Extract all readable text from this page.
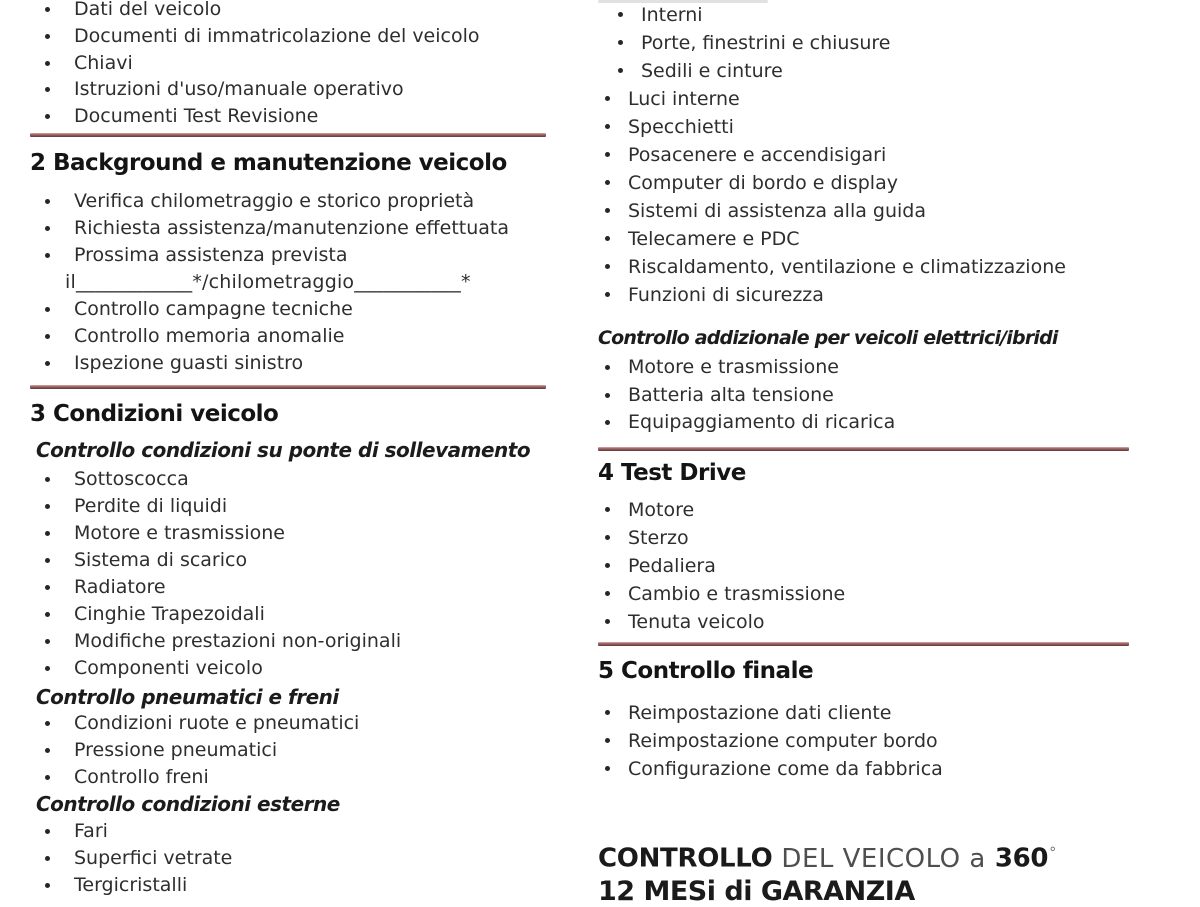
Dati del veicolo
Documenti di immatricolazione del veicolo
Chiavi
Istruzioni d'uso/manuale operativo
Documenti Test Revisione
2 Background e manutenzione veicolo
Verifica chilometraggio e storico proprietà
Richiesta assistenza/manutenzione effettuata
Prossima assistenza prevista
il____________*/chilometraggio___________*
Controllo campagne tecniche
Controllo memoria anomalie
Ispezione guasti sinistro
3 Condizioni veicolo
Controllo condizioni su ponte di sollevamento
Sottoscocca
Perdite di liquidi
Motore e trasmissione
Sistema di scarico
Radiatore
Cinghie Trapezoidali
Modifiche prestazioni non-originali
Componenti veicolo
Controllo pneumatici e freni
Condizioni ruote e pneumatici
Pressione pneumatici
Controllo freni
Controllo condizioni esterne
Fari
Superfici vetrate
Tergicristalli
Interni
Porte, finestrini e chiusure
Sedili e cinture
Luci interne
Specchietti
Posacenere e accendisigari
Computer di bordo e display
Sistemi di assistenza alla guida
Telecamere e PDC
Riscaldamento, ventilazione e climatizzazione
Funzioni di sicurezza
Controllo addizionale per veicoli elettrici/ibridi
Motore e trasmissione
Batteria alta tensione
Equipaggiamento di ricarica
4 Test Drive
Motore
Sterzo
Pedaliera
Cambio e trasmissione
Tenuta veicolo
5 Controllo finale
Reimpostazione dati cliente
Reimpostazione computer bordo
Configurazione come da fabbrica
CONTROLLO DEL VEICOLO a 360°
12 MESi di GARANZIA
